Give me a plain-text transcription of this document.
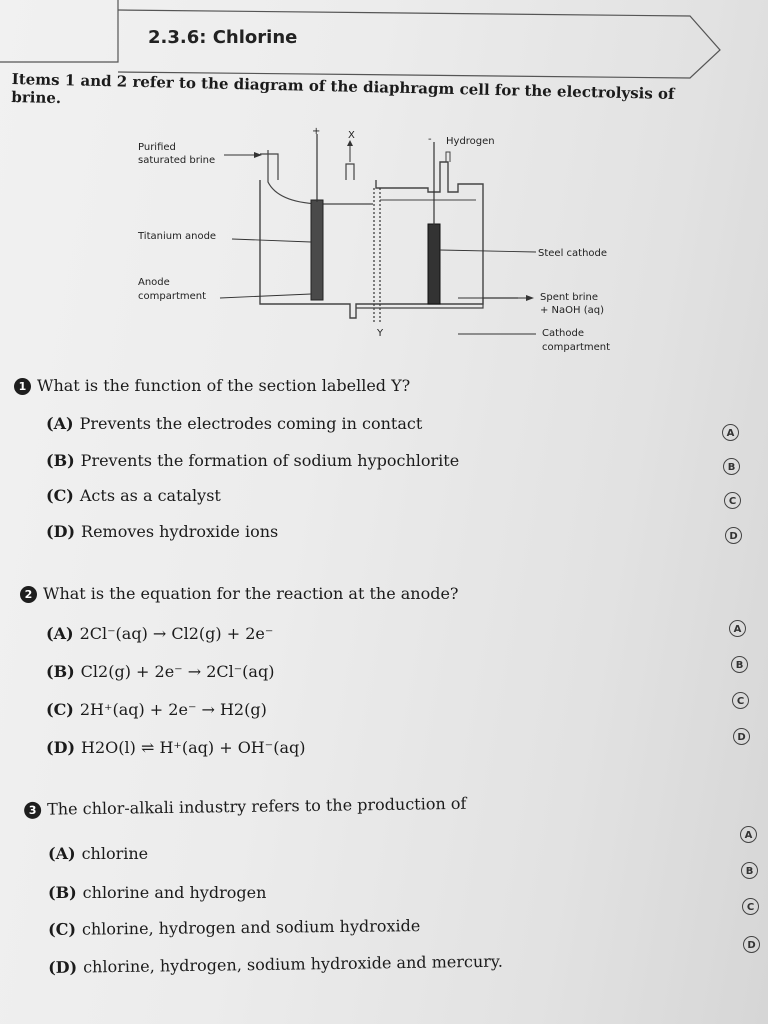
2.3.6: Chlorine
Items 1 and 2 refer to the diagram of the diaphragm cell for the electrolysis of brine.
Purified
saturated brine
Titanium anode
Anode
compartment
+	X	- Hydrogen
Steel cathode
Spent brine
+ NaOH (aq)
Y	Cathode
compartment
1 What is the function of the section labelled Y?
(A) Prevents the electrodes coming in contact
(B) Prevents the formation of sodium hypochlorite
(C) Acts as a catalyst
(D) Removes hydroxide ions
A
B
C
D
2 What is the equation for the reaction at the anode?
(A) 2Cl⁻(aq) → Cl2(g) + 2e⁻
(B) Cl2(g) + 2e⁻ → 2Cl⁻(aq)
(C) 2H⁺(aq) + 2e⁻ → H2(g)
(D) H2O(l) ⇌ H⁺(aq) + OH⁻(aq)
A
B
C
D
3 The chlor-alkali industry refers to the production of
(A) chlorine
(B) chlorine and hydrogen
(C) chlorine, hydrogen and sodium hydroxide
(D) chlorine, hydrogen, sodium hydroxide and mercury.
A
B
C
D
